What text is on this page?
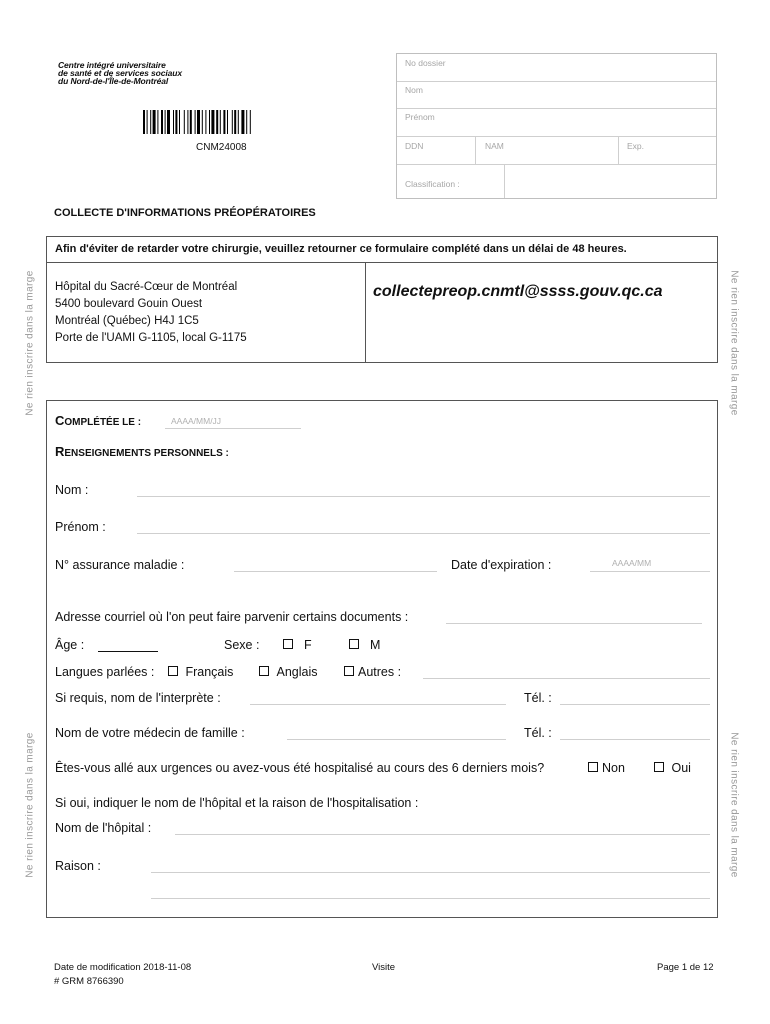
Centre intégré universitaire
de santé et de services sociaux
du Nord-de-l'Île-de-Montréal
CNM24008
No dossier
Nom
Prénom
DDN	NAM	Exp.
Classification :
COLLECTE D'INFORMATIONS PRÉOPÉRATOIRES
Afin d'éviter de retarder votre chirurgie, veuillez retourner ce formulaire complété dans un délai de 48 heures.
Hôpital du Sacré-Cœur de Montréal
5400 boulevard Gouin Ouest
Montréal (Québec) H4J 1C5
Porte de l'UAMI G-1105, local G-1175
collectepreop.cnmtl@ssss.gouv.qc.ca
Ne rien inscrire dans la marge
Ne rien inscrire dans la marge
Ne rien inscrire dans la marge
Ne rien inscrire dans la marge
COMPLÉTÉE LE :	AAAA/MM/JJ
RENSEIGNEMENTS PERSONNELS :
Nom :
Prénom :
N° assurance maladie :	Date d'expiration :	AAAA/MM
Adresse courriel où l'on peut faire parvenir certains documents :
Âge :	Sexe :	F	M
Langues parlées :	Français	Anglais	Autres :
Si requis, nom de l'interprète :	Tél. :
Nom de votre médecin de famille :	Tél. :
Êtes-vous allé aux urgences ou avez-vous été hospitalisé au cours des 6 derniers mois?	Non	Oui
Si oui, indiquer le nom de l'hôpital et la raison de l'hospitalisation :
Nom de l'hôpital :
Raison :
Date de modification 2018-11-08
# GRM 8766390
Visite	Page 1 de 12
